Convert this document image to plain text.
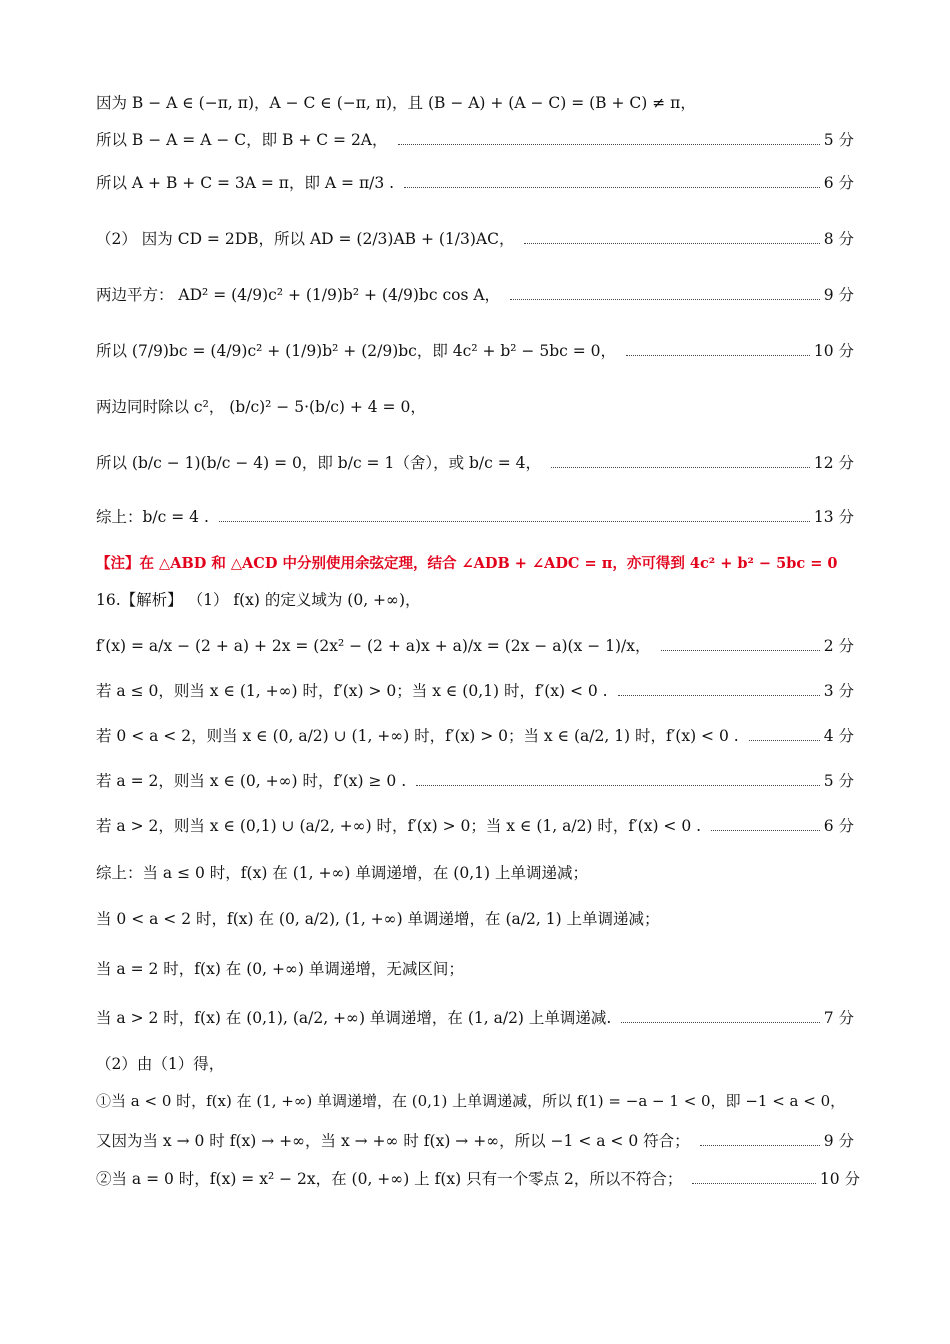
因为 B − A ∈ (−π, π)，A − C ∈ (−π, π)，且 (B − A) + (A − C) = (B + C) ≠ π，
所以 B − A = A − C，即 B + C = 2A，	5 分
所以 A + B + C = 3A = π，即 A = π/3 .	6 分
（2） 因为 CD = 2DB，所以 AD = (2/3)AB + (1/3)AC，	8 分
两边平方： AD² = (4/9)c² + (1/9)b² + (4/9)bc cos A，	9 分
所以 (7/9)bc = (4/9)c² + (1/9)b² + (2/9)bc，即 4c² + b² − 5bc = 0，	10 分
两边同时除以 c²， (b/c)² − 5·(b/c) + 4 = 0，
所以 (b/c − 1)(b/c − 4) = 0，即 b/c = 1（舍），或 b/c = 4，	12 分
综上：b/c = 4 .	13 分
【注】在 △ABD 和 △ACD 中分别使用余弦定理，结合 ∠ADB + ∠ADC = π，亦可得到 4c² + b² − 5bc = 0
16.【解析】 （1） f(x) 的定义域为 (0, +∞)，
f′(x) = a/x − (2 + a) + 2x = (2x² − (2 + a)x + a)/x = (2x − a)(x − 1)/x，	2 分
若 a ≤ 0，则当 x ∈ (1, +∞) 时，f′(x) > 0；当 x ∈ (0,1) 时，f′(x) < 0 .	3 分
若 0 < a < 2，则当 x ∈ (0, a/2) ∪ (1, +∞) 时，f′(x) > 0；当 x ∈ (a/2, 1) 时，f′(x) < 0 .	4 分
若 a = 2，则当 x ∈ (0, +∞) 时，f′(x) ≥ 0 .	5 分
若 a > 2，则当 x ∈ (0,1) ∪ (a/2, +∞) 时，f′(x) > 0；当 x ∈ (1, a/2) 时，f′(x) < 0 .	6 分
综上：当 a ≤ 0 时，f(x) 在 (1, +∞) 单调递增，在 (0,1) 上单调递减；
当 0 < a < 2 时，f(x) 在 (0, a/2), (1, +∞) 单调递增，在 (a/2, 1) 上单调递减；
当 a = 2 时，f(x) 在 (0, +∞) 单调递增，无减区间；
当 a > 2 时，f(x) 在 (0,1), (a/2, +∞) 单调递增，在 (1, a/2) 上单调递减.	7 分
（2）由（1）得，
①当 a < 0 时，f(x) 在 (1, +∞) 单调递增，在 (0,1) 上单调递减，所以 f(1) = −a − 1 < 0，即 −1 < a < 0，
又因为当 x → 0 时 f(x) → +∞，当 x → +∞ 时 f(x) → +∞，所以 −1 < a < 0 符合；	9 分
②当 a = 0 时，f(x) = x² − 2x，在 (0, +∞) 上 f(x) 只有一个零点 2，所以不符合；	10 分
